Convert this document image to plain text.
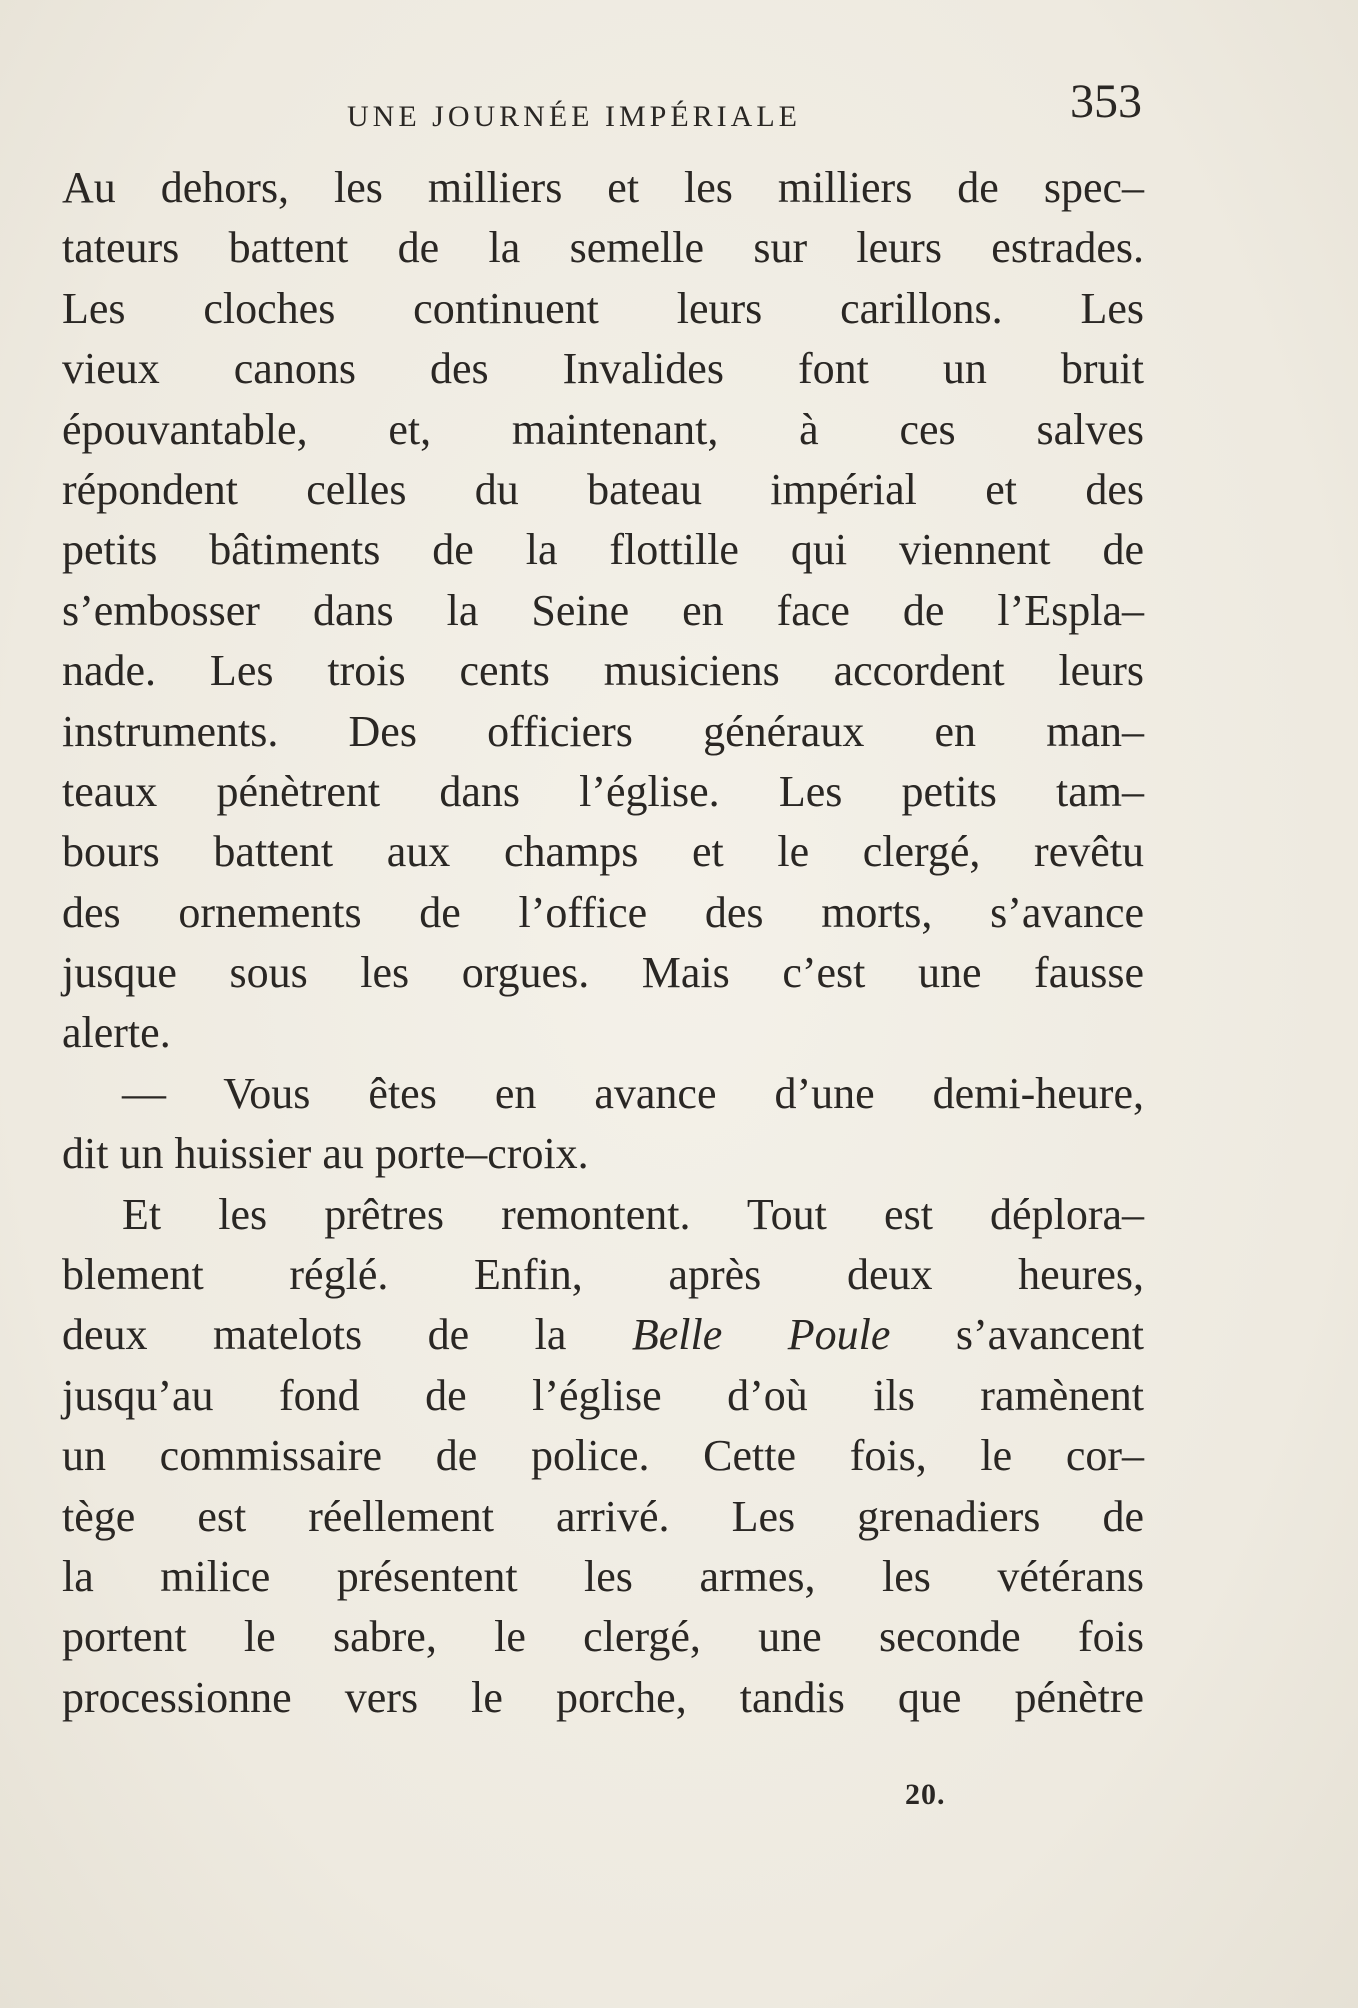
UNE JOURNÉE IMPÉRIALE	353
Au dehors, les milliers et les milliers de spec–
tateurs battent de la semelle sur leurs estrades.
Les cloches continuent leurs carillons. Les
vieux canons des Invalides font un bruit
épouvantable, et, maintenant, à ces salves
répondent celles du bateau impérial et des
petits bâtiments de la flottille qui viennent de
s’embosser dans la Seine en face de l’Espla–
nade. Les trois cents musiciens accordent leurs
instruments. Des officiers généraux en man–
teaux pénètrent dans l’église. Les petits tam–
bours battent aux champs et le clergé, revêtu
des ornements de l’office des morts, s’avance
jusque sous les orgues. Mais c’est une fausse
alerte.
— Vous êtes en avance d’une demi-heure,
dit un huissier au porte–croix.
Et les prêtres remontent. Tout est déplora–
blement réglé. Enfin, après deux heures,
deux matelots de la Belle Poule s’avancent
jusqu’au fond de l’église d’où ils ramènent
un commissaire de police. Cette fois, le cor–
tège est réellement arrivé. Les grenadiers de
la milice présentent les armes, les vétérans
portent le sabre, le clergé, une seconde fois
processionne vers le porche, tandis que pénètre
20.
